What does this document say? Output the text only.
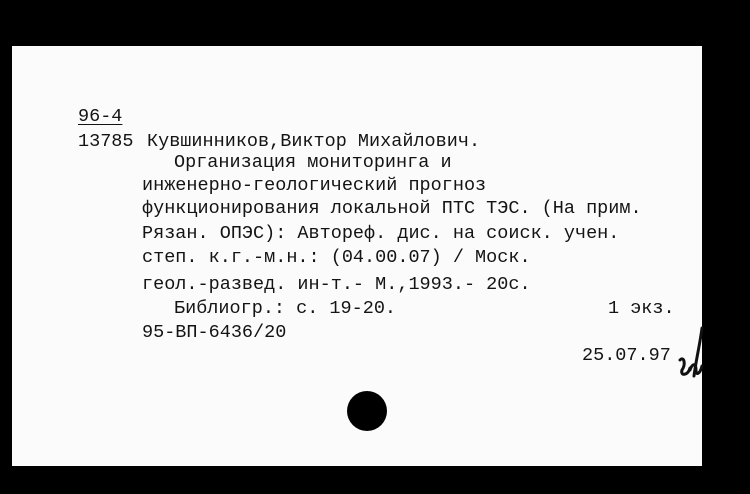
96-4
13785 Кувшинников,Виктор Михайлович.
Организация мониторинга и
инженерно-геологический прогноз
функционирования локальной ПТС ТЭС. (На прим.
Рязан. ОПЭС): Автореф. дис. на соиск. учен.
степ. к.г.-м.н.: (04.00.07) / Моск.
геол.-развед. ин-т.- М.,1993.- 20с.
Библиогр.: с. 19-20.	1 экз.
95-ВП-6436/20
25.07.97
